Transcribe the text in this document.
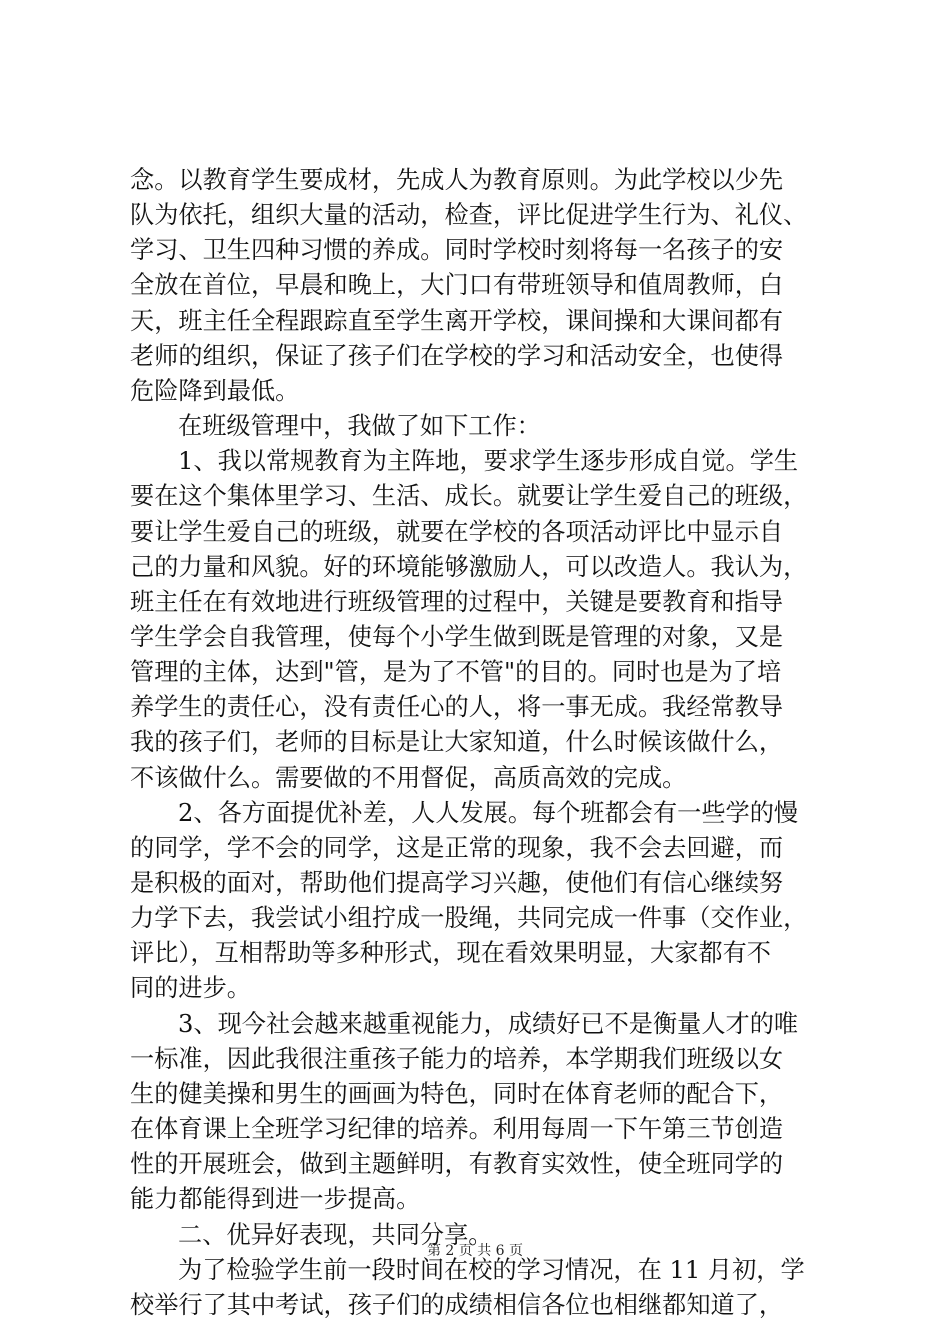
念。以教育学生要成材，先成人为教育原则。为此学校以少先
队为依托，组织大量的活动，检查，评比促进学生行为、礼仪、
学习、卫生四种习惯的养成。同时学校时刻将每一名孩子的安
全放在首位，早晨和晚上，大门口有带班领导和值周教师，白
天，班主任全程跟踪直至学生离开学校，课间操和大课间都有
老师的组织，保证了孩子们在学校的学习和活动安全，也使得
危险降到最低。
在班级管理中，我做了如下工作：
1、我以常规教育为主阵地，要求学生逐步形成自觉。学生
要在这个集体里学习、生活、成长。就要让学生爱自己的班级，
要让学生爱自己的班级，就要在学校的各项活动评比中显示自
己的力量和风貌。好的环境能够激励人，可以改造人。我认为，
班主任在有效地进行班级管理的过程中，关键是要教育和指导
学生学会自我管理，使每个小学生做到既是管理的对象，又是
管理的主体，达到"管，是为了不管"的目的。同时也是为了培
养学生的责任心，没有责任心的人，将一事无成。我经常教导
我的孩子们，老师的目标是让大家知道，什么时候该做什么，
不该做什么。需要做的不用督促，高质高效的完成。
2、各方面提优补差，人人发展。每个班都会有一些学的慢
的同学，学不会的同学，这是正常的现象，我不会去回避，而
是积极的面对，帮助他们提高学习兴趣，使他们有信心继续努
力学下去，我尝试小组拧成一股绳，共同完成一件事（交作业，
评比），互相帮助等多种形式，现在看效果明显，大家都有不
同的进步。
3、现今社会越来越重视能力，成绩好已不是衡量人才的唯
一标准，因此我很注重孩子能力的培养，本学期我们班级以女
生的健美操和男生的画画为特色，同时在体育老师的配合下，
在体育课上全班学习纪律的培养。利用每周一下午第三节创造
性的开展班会，做到主题鲜明，有教育实效性，使全班同学的
能力都能得到进一步提高。
二、优异好表现，共同分享。
为了检验学生前一段时间在校的学习情况，在 11 月初，学
校举行了其中考试，孩子们的成绩相信各位也相继都知道了，
第 2 页 共 6 页
